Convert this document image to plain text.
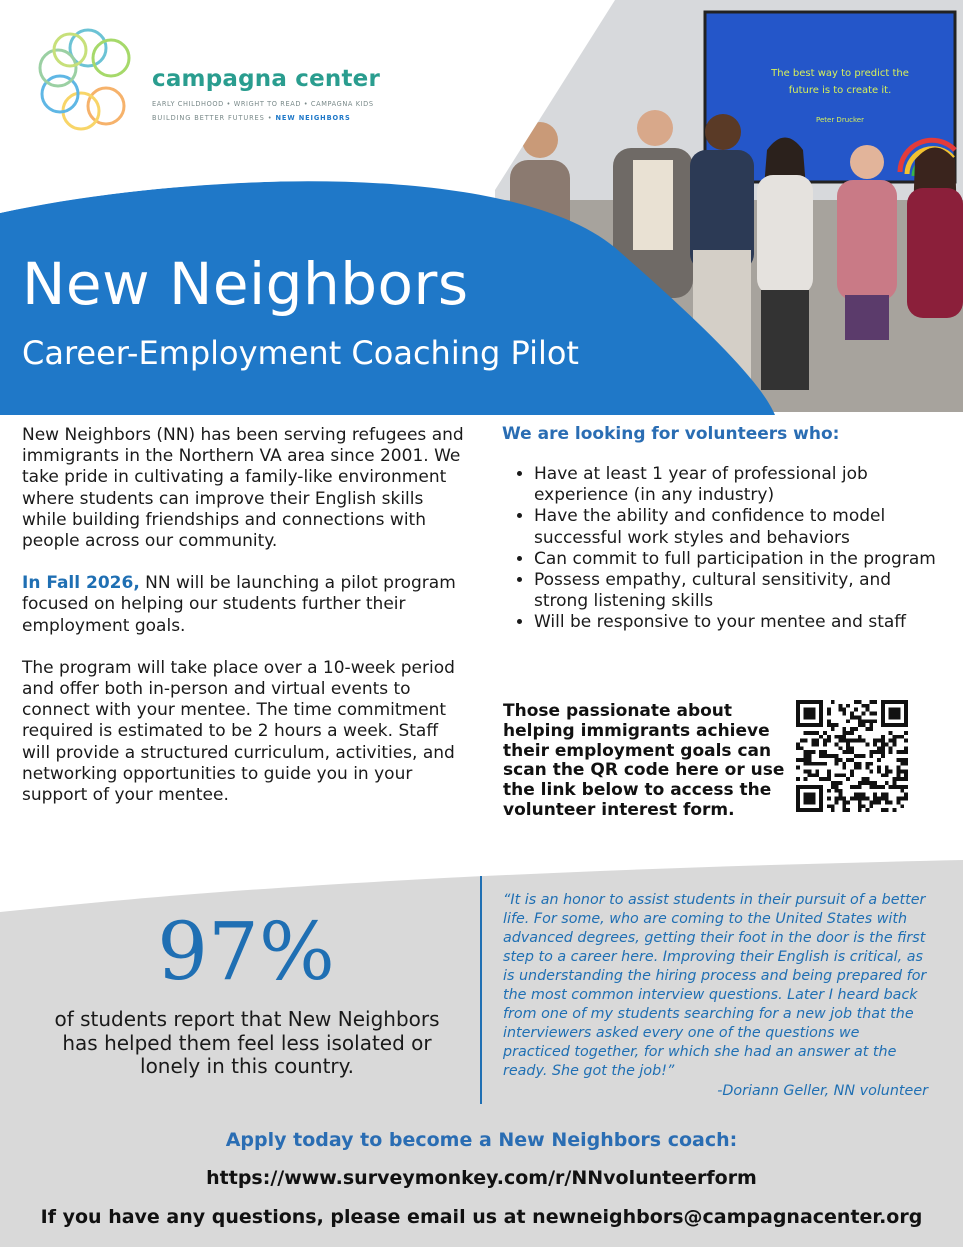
The best way to predict the
future is to create it.
Peter Drucker
campagna center
EARLY CHILDHOOD • WRIGHT TO READ • CAMPAGNA KIDS
BUILDING BETTER FUTURES • NEW NEIGHBORS
New Neighbors
Career-Employment Coaching Pilot

New Neighbors (NN) has been serving refugees and immigrants in the Northern VA area since 2001. We take pride in cultivating a family-like environment where students can improve their English skills while building friendships and connections with people across our community.

In Fall 2026, NN will be launching a pilot program focused on helping our students further their employment goals.

The program will take place over a 10-week period and offer both in-person and virtual events to connect with your mentee. The time commitment required is estimated to be 2 hours a week. Staff will provide a structured curriculum, activities, and networking opportunities to guide you in your support of your mentee.

We are looking for volunteers who:
• Have at least 1 year of professional job experience (in any industry)
• Have the ability and confidence to model successful work styles and behaviors
• Can commit to full participation in the program
• Possess empathy, cultural sensitivity, and strong listening skills
• Will be responsive to your mentee and staff
Those passionate about helping immigrants achieve their employment goals can scan the QR code here or use the link below to access the volunteer interest form.
97%
of students report that New Neighbors has helped them feel less isolated or lonely in this country.
“It is an honor to assist students in their pursuit of a better life. For some, who are coming to the United States with advanced degrees, getting their foot in the door is the first step to a career here. Improving their English is critical, as is understanding the hiring process and being prepared for the most common interview questions. Later I heard back from one of my students searching for a new job that the interviewers asked every one of the questions we practiced together, for which she had an answer at the ready. She got the job!”
-Doriann Geller, NN volunteer
Apply today to become a New Neighbors coach:
https://www.surveymonkey.com/r/NNvolunteerform
If you have any questions, please email us at newneighbors@campagnacenter.org
